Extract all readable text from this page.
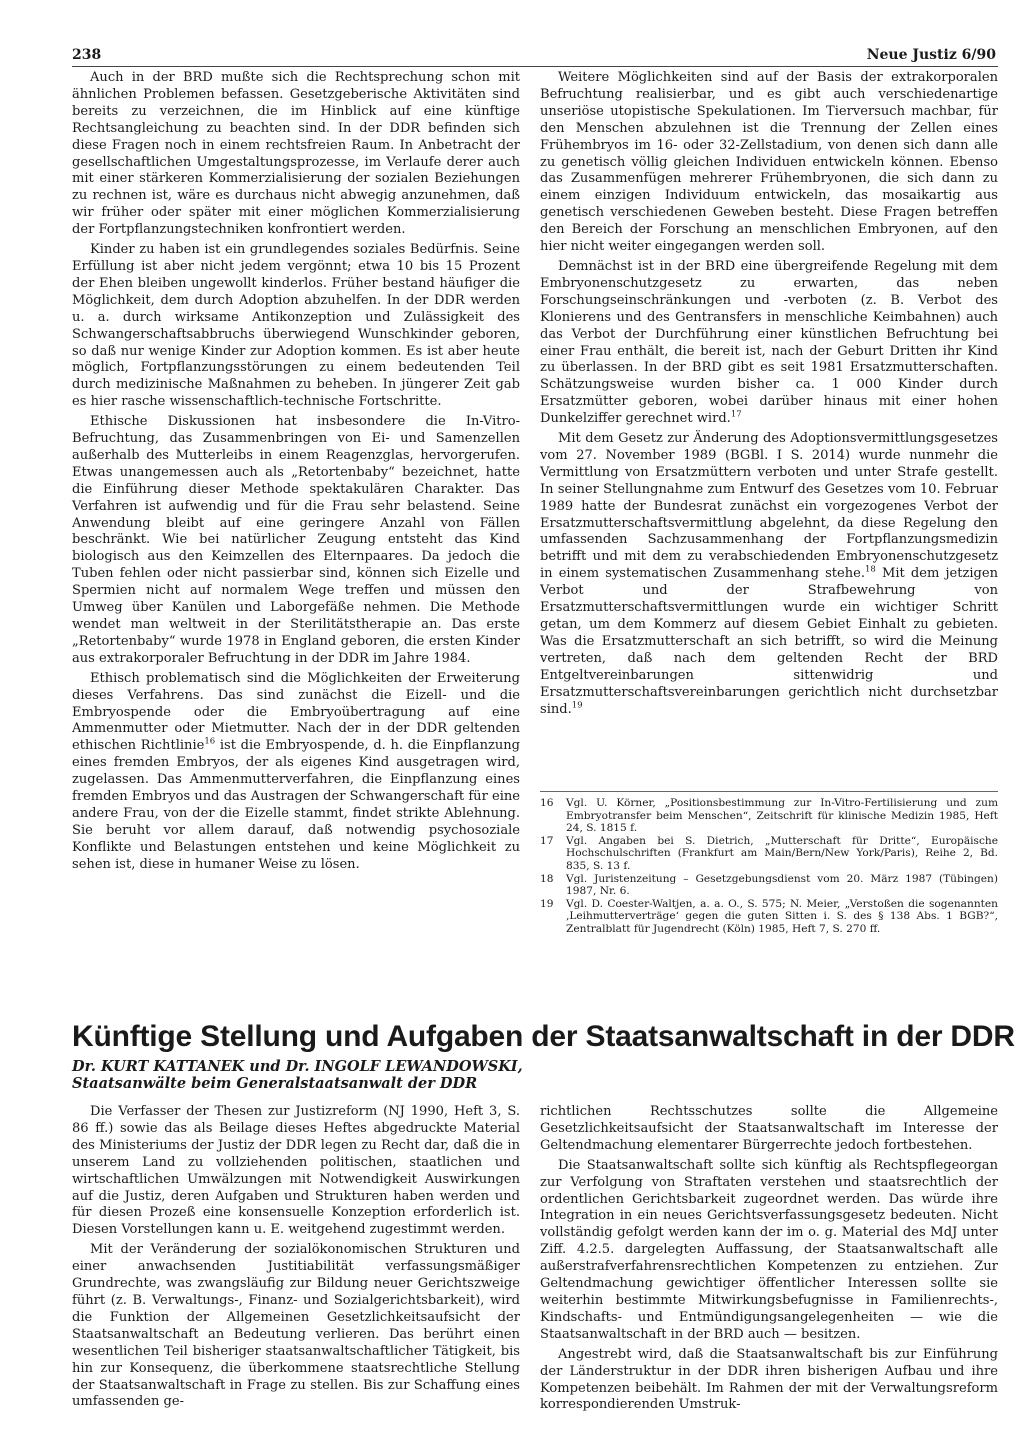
238	Neue Justiz 6/90

Auch in der BRD mußte sich die Rechtsprechung schon mit ähnlichen Problemen befassen. Gesetzgeberische Aktivitäten sind bereits zu verzeichnen, die im Hinblick auf eine künftige Rechtsangleichung zu beachten sind. In der DDR befinden sich diese Fragen noch in einem rechtsfreien Raum. In Anbetracht der gesellschaftlichen Umgestaltungsprozesse, im Verlaufe derer auch mit einer stärkeren Kommerzialisierung der sozialen Beziehungen zu rechnen ist, wäre es durchaus nicht abwegig anzunehmen, daß wir früher oder später mit einer möglichen Kommerzialisierung der Fortpflanzungstechniken konfrontiert werden.

Kinder zu haben ist ein grundlegendes soziales Bedürfnis. Seine Erfüllung ist aber nicht jedem vergönnt; etwa 10 bis 15 Prozent der Ehen bleiben ungewollt kinderlos. Früher bestand häufiger die Möglichkeit, dem durch Adoption abzuhelfen. In der DDR werden u. a. durch wirksame Antikonzeption und Zulässigkeit des Schwangerschaftsabbruchs überwiegend Wunschkinder geboren, so daß nur wenige Kinder zur Adoption kommen. Es ist aber heute möglich, Fortpflanzungsstörungen zu einem bedeutenden Teil durch medizinische Maßnahmen zu beheben. In jüngerer Zeit gab es hier rasche wissenschaftlich-technische Fortschritte.

Ethische Diskussionen hat insbesondere die In-Vitro-Befruchtung, das Zusammenbringen von Ei- und Samenzellen außerhalb des Mutterleibs in einem Reagenzglas, hervorgerufen. Etwas unangemessen auch als „Retortenbaby“ bezeichnet, hatte die Einführung dieser Methode spektakulären Charakter. Das Verfahren ist aufwendig und für die Frau sehr belastend. Seine Anwendung bleibt auf eine geringere Anzahl von Fällen beschränkt. Wie bei natürlicher Zeugung entsteht das Kind biologisch aus den Keimzellen des Elternpaares. Da jedoch die Tuben fehlen oder nicht passierbar sind, können sich Eizelle und Spermien nicht auf normalem Wege treffen und müssen den Umweg über Kanülen und Laborgefäße nehmen. Die Methode wendet man weltweit in der Sterilitätstherapie an. Das erste „Retortenbaby“ wurde 1978 in England geboren, die ersten Kinder aus extrakorporaler Befruchtung in der DDR im Jahre 1984.

Ethisch problematisch sind die Möglichkeiten der Erweiterung dieses Verfahrens. Das sind zunächst die Eizell- und die Embryospende oder die Embryoübertragung auf eine Ammenmutter oder Mietmutter. Nach der in der DDR geltenden ethischen Richtlinie$^{16}$ ist die Embryospende, d. h. die Einpflanzung eines fremden Embryos, der als eigenes Kind ausgetragen wird, zugelassen. Das Ammenmutterverfahren, die Einpflanzung eines fremden Embryos und das Austragen der Schwangerschaft für eine andere Frau, von der die Eizelle stammt, findet strikte Ablehnung. Sie beruht vor allem darauf, daß notwendig psychosoziale Konflikte und Belastungen entstehen und keine Möglichkeit zu sehen ist, diese in humaner Weise zu lösen.

Weitere Möglichkeiten sind auf der Basis der extrakorporalen Befruchtung realisierbar, und es gibt auch verschiedenartige unseriöse utopistische Spekulationen. Im Tierversuch machbar, für den Menschen abzulehnen ist die Trennung der Zellen eines Frühembryos im 16- oder 32-Zellstadium, von denen sich dann alle zu genetisch völlig gleichen Individuen entwickeln können. Ebenso das Zusammenfügen mehrerer Frühembryonen, die sich dann zu einem einzigen Individuum entwickeln, das mosaikartig aus genetisch verschiedenen Geweben besteht. Diese Fragen betreffen den Bereich der Forschung an menschlichen Embryonen, auf den hier nicht weiter eingegangen werden soll.

Demnächst ist in der BRD eine übergreifende Regelung mit dem Embryonenschutzgesetz zu erwarten, das neben Forschungseinschränkungen und -verboten (z. B. Verbot des Klonierens und des Gentransfers in menschliche Keimbahnen) auch das Verbot der Durchführung einer künstlichen Befruchtung bei einer Frau enthält, die bereit ist, nach der Geburt Dritten ihr Kind zu überlassen. In der BRD gibt es seit 1981 Ersatzmutterschaften. Schätzungsweise wurden bisher ca. 1 000 Kinder durch Ersatzmütter geboren, wobei darüber hinaus mit einer hohen Dunkelziffer gerechnet wird.$^{17}$

Mit dem Gesetz zur Änderung des Adoptionsvermittlungsgesetzes vom 27. November 1989 (BGBl. I S. 2014) wurde nunmehr die Vermittlung von Ersatzmüttern verboten und unter Strafe gestellt. In seiner Stellungnahme zum Entwurf des Gesetzes vom 10. Februar 1989 hatte der Bundesrat zunächst ein vorgezogenes Verbot der Ersatzmutterschaftsvermittlung abgelehnt, da diese Regelung den umfassenden Sachzusammenhang der Fortpflanzungsmedizin betrifft und mit dem zu verabschiedenden Embryonenschutzgesetz in einem systematischen Zusammenhang stehe.$^{18}$ Mit dem jetzigen Verbot und der Strafbewehrung von Ersatzmutterschaftsvermittlungen wurde ein wichtiger Schritt getan, um dem Kommerz auf diesem Gebiet Einhalt zu gebieten. Was die Ersatzmutterschaft an sich betrifft, so wird die Meinung vertreten, daß nach dem geltenden Recht der BRD Entgeltvereinbarungen sittenwidrig und Ersatzmutterschaftsvereinbarungen gerichtlich nicht durchsetzbar sind.$^{19}$

16	Vgl. U. Körner, „Positionsbestimmung zur In-Vitro-Fertilisierung und zum Embryotransfer beim Menschen“, Zeitschrift für klinische Medizin 1985, Heft 24, S. 1815 f.
17	Vgl. Angaben bei S. Dietrich, „Mutterschaft für Dritte“, Europäische Hochschulschriften (Frankfurt am Main/Bern/New York/Paris), Reihe 2, Bd. 835, S. 13 f.
18	Vgl. Juristenzeitung – Gesetzgebungsdienst vom 20. März 1987 (Tübingen) 1987, Nr. 6.
19	Vgl. D. Coester-Waltjen, a. a. O., S. 575; N. Meier, „Verstoßen die sogenannten ‚Leihmutterverträge‘ gegen die guten Sitten i. S. des § 138 Abs. 1 BGB?“, Zentralblatt für Jugendrecht (Köln) 1985, Heft 7, S. 270 ff.
Künftige Stellung und Aufgaben der Staatsanwaltschaft in der DDR
Dr. KURT KATTANEK und Dr. INGOLF LEWANDOWSKI,
Staatsanwälte beim Generalstaatsanwalt der DDR

Die Verfasser der Thesen zur Justizreform (NJ 1990, Heft 3, S. 86 ff.) sowie das als Beilage dieses Heftes abgedruckte Material des Ministeriums der Justiz der DDR legen zu Recht dar, daß die in unserem Land zu vollziehenden politischen, staatlichen und wirtschaftlichen Umwälzungen mit Notwendigkeit Auswirkungen auf die Justiz, deren Aufgaben und Strukturen haben werden und für diesen Prozeß eine konsensuelle Konzeption erforderlich ist. Diesen Vorstellungen kann u. E. weitgehend zugestimmt werden.

Mit der Veränderung der sozialökonomischen Strukturen und einer anwachsenden Justitiabilität verfassungsmäßiger Grundrechte, was zwangsläufig zur Bildung neuer Gerichtszweige führt (z. B. Verwaltungs-, Finanz- und Sozialgerichtsbarkeit), wird die Funktion der Allgemeinen Gesetzlichkeitsaufsicht der Staatsanwaltschaft an Bedeutung verlieren. Das berührt einen wesentlichen Teil bisheriger staatsanwaltschaftlicher Tätigkeit, bis hin zur Konsequenz, die überkommene staatsrechtliche Stellung der Staatsanwaltschaft in Frage zu stellen. Bis zur Schaffung eines umfassenden ge-

richtlichen Rechtsschutzes sollte die Allgemeine Gesetzlichkeitsaufsicht der Staatsanwaltschaft im Interesse der Geltendmachung elementarer Bürgerrechte jedoch fortbestehen.

Die Staatsanwaltschaft sollte sich künftig als Rechtspflegeorgan zur Verfolgung von Straftaten verstehen und staatsrechtlich der ordentlichen Gerichtsbarkeit zugeordnet werden. Das würde ihre Integration in ein neues Gerichtsverfassungsgesetz bedeuten. Nicht vollständig gefolgt werden kann der im o. g. Material des MdJ unter Ziff. 4.2.5. dargelegten Auffassung, der Staatsanwaltschaft alle außerstrafverfahrensrechtlichen Kompetenzen zu entziehen. Zur Geltendmachung gewichtiger öffentlicher Interessen sollte sie weiterhin bestimmte Mitwirkungsbefugnisse in Familienrechts-, Kindschafts- und Entmündigungsangelegenheiten — wie die Staatsanwaltschaft in der BRD auch — besitzen.

Angestrebt wird, daß die Staatsanwaltschaft bis zur Einführung der Länderstruktur in der DDR ihren bisherigen Aufbau und ihre Kompetenzen beibehält. Im Rahmen der mit der Verwaltungsreform korrespondierenden Umstruk-
